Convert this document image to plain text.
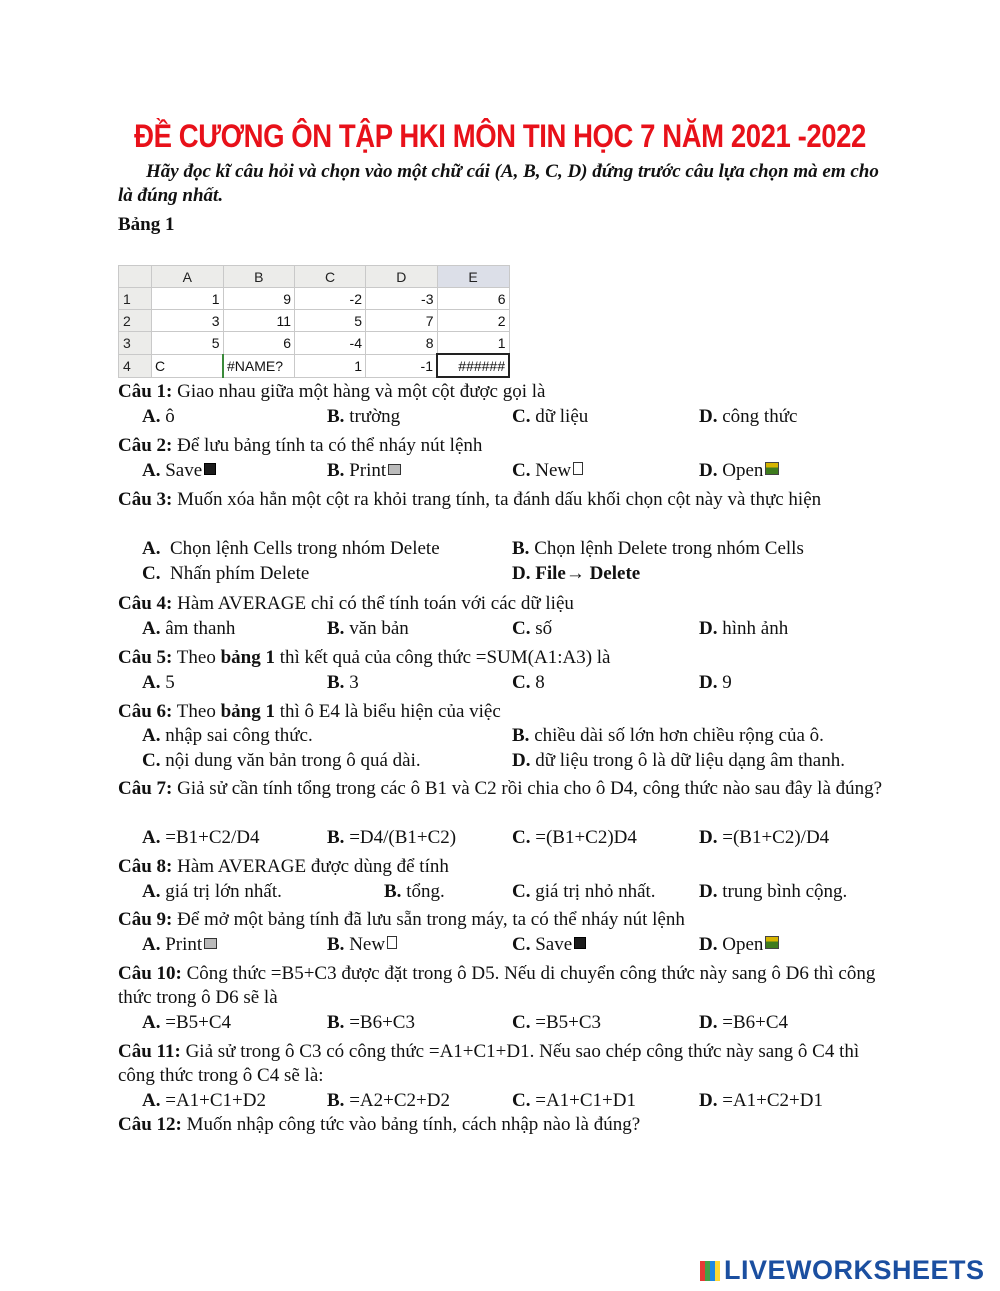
ĐỀ CƯƠNG ÔN TẬP HKI MÔN TIN HỌC 7 NĂM 2021 -2022
Hãy đọc kĩ câu hỏi và chọn vào một chữ cái (A, B, C, D) đứng trước câu lựa chọn mà em cho là đúng nhất.
Bảng 1
	A	B	C	D	E
1	1	9	-2	-3	6
2	3	11	5	7	2
3	5	6	-4	8	1
4	C	#NAME?	1	-1	######
Câu 1: Giao nhau giữa một hàng và một cột được gọi là
A. ô	B. trường	C. dữ liệu	D. công thức
Câu 2: Để lưu bảng tính ta có thể nháy nút lệnh
A. Save	B. Print	C. New	D. Open
Câu 3: Muốn xóa hẳn một cột ra khỏi trang tính, ta đánh dấu khối chọn cột này và thực hiện
A. Chọn lệnh Cells trong nhóm Delete	B. Chọn lệnh Delete trong nhóm Cells
C. Nhấn phím Delete	D. File→ Delete
Câu 4: Hàm AVERAGE chỉ có thể tính toán với các dữ liệu
A. âm thanh	B. văn bản	C. số	D. hình ảnh
Câu 5: Theo bảng 1 thì kết quả của công thức =SUM(A1:A3) là
A. 5	B. 3	C. 8	D. 9
Câu 6: Theo bảng 1 thì ô E4 là biểu hiện của việc
A. nhập sai công thức.	B. chiều dài số lớn hơn chiều rộng của ô.
C. nội dung văn bản trong ô quá dài.	D. dữ liệu trong ô là dữ liệu dạng âm thanh.
Câu 7: Giả sử cần tính tổng trong các ô B1 và C2 rồi chia cho ô D4, công thức nào sau đây là đúng?
A. =B1+C2/D4	B. =D4/(B1+C2)	C. =(B1+C2)D4	D. =(B1+C2)/D4
Câu 8: Hàm AVERAGE được dùng để tính
A. giá trị lớn nhất.	B. tổng.	C. giá trị nhỏ nhất. D. trung bình cộng.
Câu 9: Để mở một bảng tính đã lưu sẵn trong máy, ta có thể nháy nút lệnh
A. Print	B. New	C. Save	D. Open
Câu 10: Công thức =B5+C3 được đặt trong ô D5. Nếu di chuyển công thức này sang ô D6 thì công thức trong ô D6 sẽ là
A. =B5+C4	B. =B6+C3	C. =B5+C3	D. =B6+C4
Câu 11: Giả sử trong ô C3 có công thức =A1+C1+D1. Nếu sao chép công thức này sang ô C4 thì công thức trong ô C4 sẽ là:
A. =A1+C1+D2	B. =A2+C2+D2	C. =A1+C1+D1	D. =A1+C2+D1
Câu 12: Muốn nhập công tức vào bảng tính, cách nhập nào là đúng?
LIVEWORKSHEETS
